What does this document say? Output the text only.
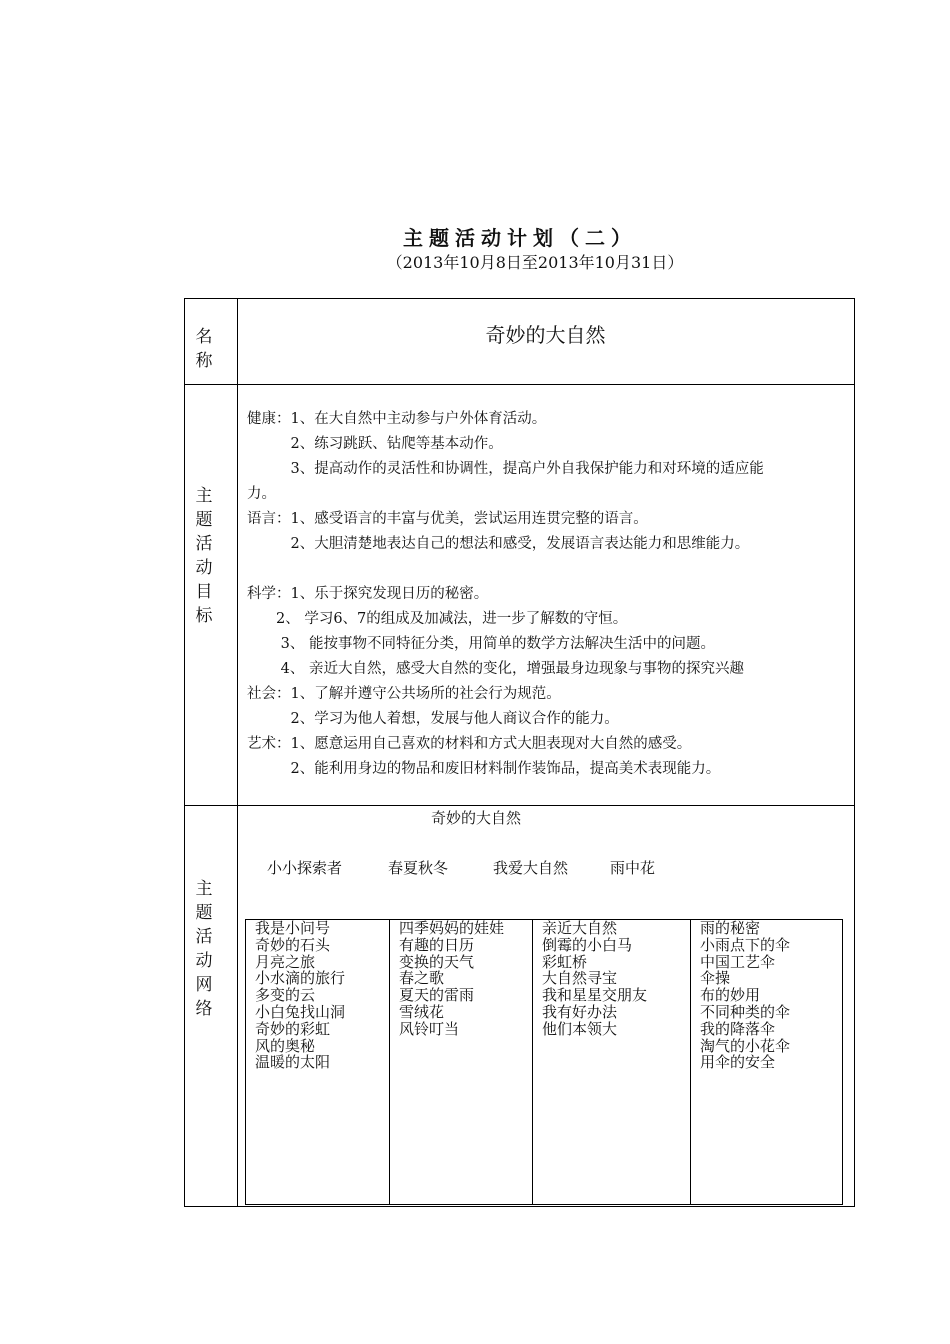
主题活动计划（二）
（2013年10月8日至2013年10月31日）
名
称
奇妙的大自然
主
题
活
动
目
标
健康：1、在大自然中主动参与户外体育活动。
　　　2、练习跳跃、钻爬等基本动作。
　　　3、提高动作的灵活性和协调性，提高户外自我保护能力和对环境的适应能
力。
语言：1、感受语言的丰富与优美，尝试运用连贯完整的语言。
　　　2、大胆清楚地表达自己的想法和感受，发展语言表达能力和思维能力。
科学：1、乐于探究发现日历的秘密。
　　2、 学习6、7的组成及加减法，进一步了解数的守恒。
　　 3、 能按事物不同特征分类，用简单的数学方法解决生活中的问题。
　　 4、 亲近大自然，感受大自然的变化，增强最身边现象与事物的探究兴趣
社会：1、了解并遵守公共场所的社会行为规范。
　　　2、学习为他人着想，发展与他人商议合作的能力。
艺术：1、愿意运用自己喜欢的材料和方式大胆表现对大自然的感受。
　　　2、能利用身边的物品和废旧材料制作装饰品，提高美术表现能力。
主
题
活
动
网
络
奇妙的大自然
小小探索者	春夏秋冬	我爱大自然	雨中花
我是小问号
奇妙的石头
月亮之旅
小水滴的旅行
多变的云
小白兔找山洞
奇妙的彩虹
风的奥秘
温暖的太阳
四季妈妈的娃娃
有趣的日历
变换的天气
春之歌
夏天的雷雨
雪绒花
风铃叮当
亲近大自然
倒霉的小白马
彩虹桥
大自然寻宝
我和星星交朋友
我有好办法
他们本领大
雨的秘密
小雨点下的伞
中国工艺伞
伞操
布的妙用
不同种类的伞
我的降落伞
淘气的小花伞
用伞的安全
